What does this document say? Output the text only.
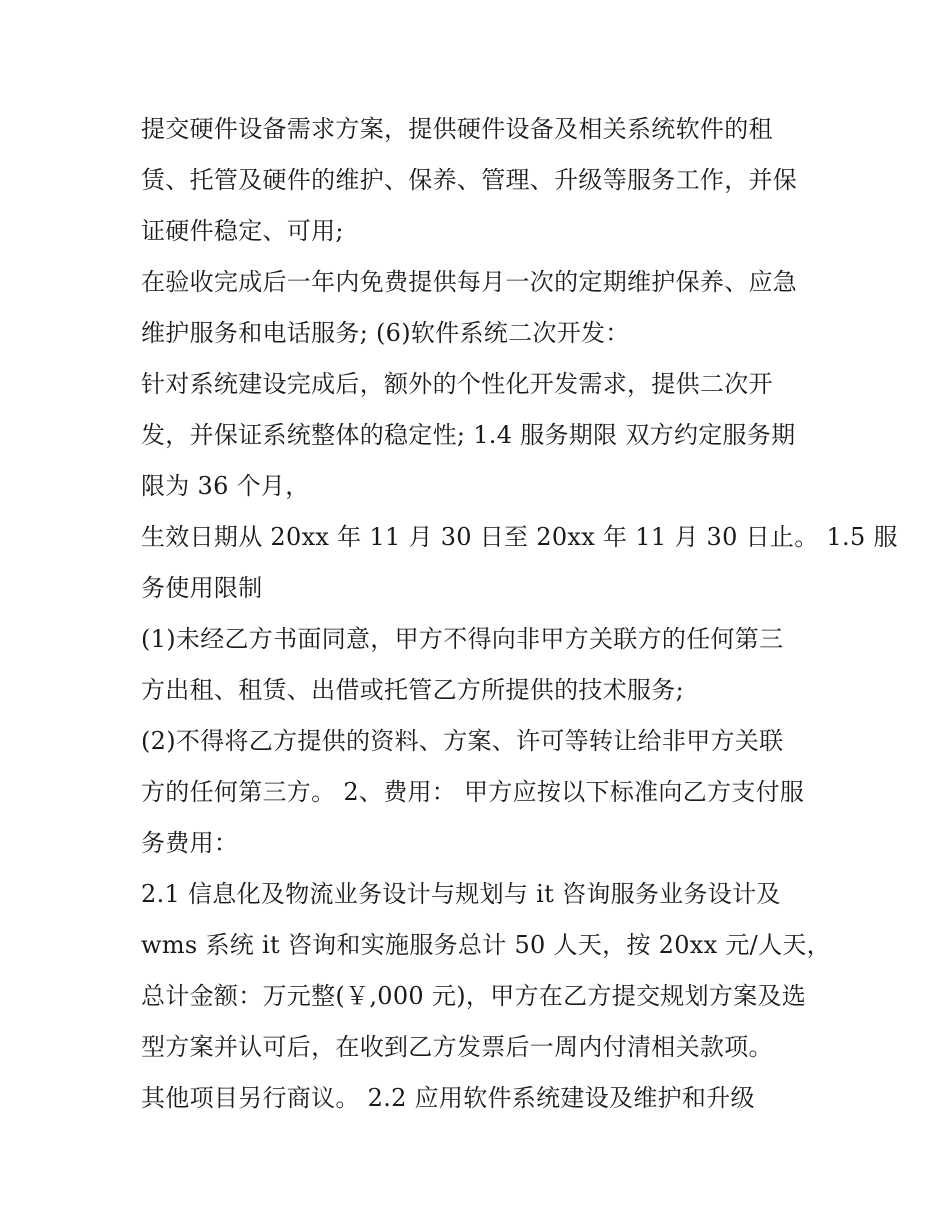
提交硬件设备需求方案，提供硬件设备及相关系统软件的租
赁、托管及硬件的维护、保养、管理、升级等服务工作，并保
证硬件稳定、可用;
在验收完成后一年内免费提供每月一次的定期维护保养、应急
维护服务和电话服务; (6)软件系统二次开发：
针对系统建设完成后，额外的个性化开发需求，提供二次开
发，并保证系统整体的稳定性; 1.4 服务期限 双方约定服务期
限为 36 个月，
生效日期从 20xx 年 11 月 30 日至 20xx 年 11 月 30 日止。 1.5 服
务使用限制
(1)未经乙方书面同意，甲方不得向非甲方关联方的任何第三
方出租、租赁、出借或托管乙方所提供的技术服务;
(2)不得将乙方提供的资料、方案、许可等转让给非甲方关联
方的任何第三方。 2、费用： 甲方应按以下标准向乙方支付服
务费用：
2.1 信息化及物流业务设计与规划与 it 咨询服务业务设计及
wms 系统 it 咨询和实施服务总计 50 人天，按 20xx 元/人天，
总计金额：万元整(￥,000 元)，甲方在乙方提交规划方案及选
型方案并认可后，在收到乙方发票后一周内付清相关款项。
其他项目另行商议。 2.2 应用软件系统建设及维护和升级
